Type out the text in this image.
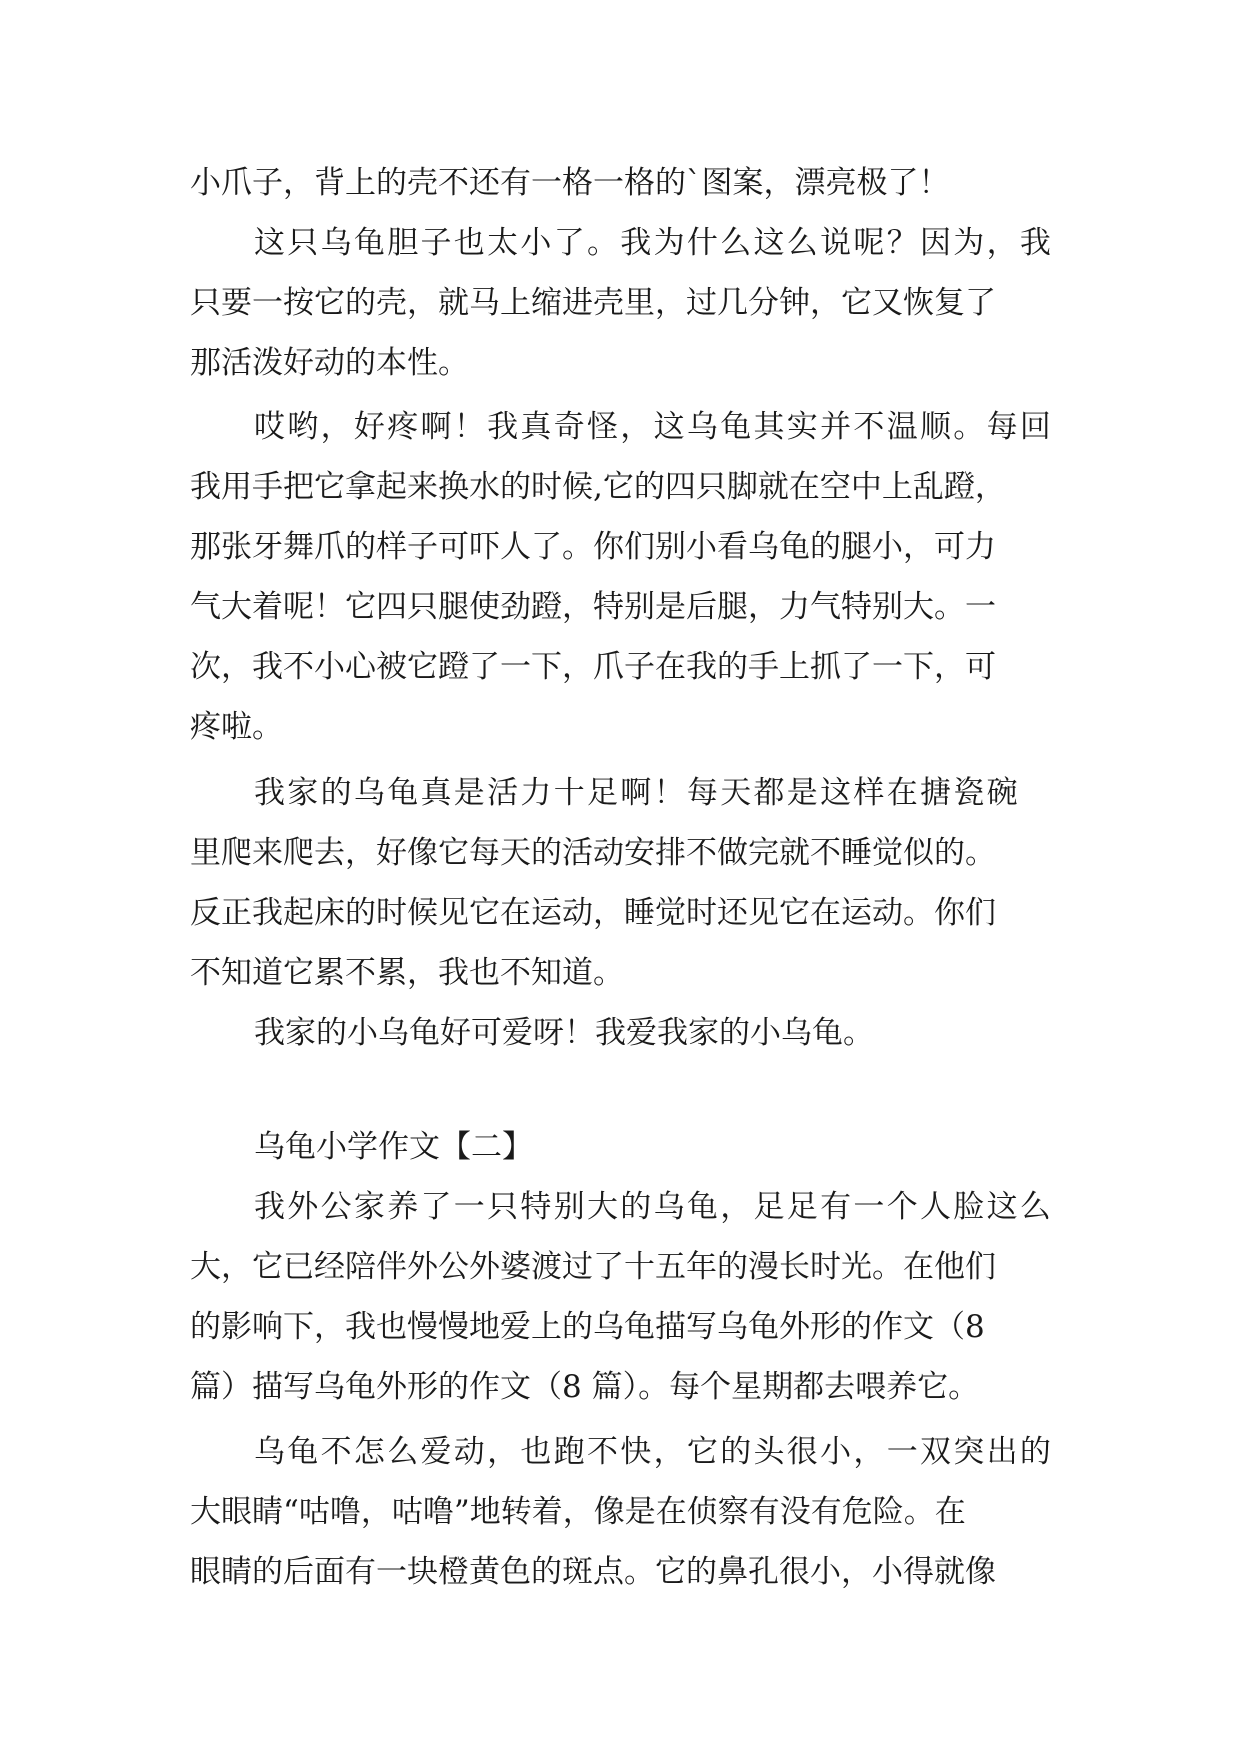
小爪子，背上的壳不还有一格一格的`图案，漂亮极了！

这只乌龟胆子也太小了。我为什么这么说呢？因为，我

只要一按它的壳，就马上缩进壳里，过几分钟，它又恢复了

那活泼好动的本性。

哎哟，好疼啊！我真奇怪，这乌龟其实并不温顺。每回

我用手把它拿起来换水的时候,它的四只脚就在空中上乱蹬，

那张牙舞爪的样子可吓人了。你们别小看乌龟的腿小，可力

气大着呢！它四只腿使劲蹬，特别是后腿，力气特别大。一

次，我不小心被它蹬了一下，爪子在我的手上抓了一下，可

疼啦。

我家的乌龟真是活力十足啊！每天都是这样在搪瓷碗

里爬来爬去，好像它每天的活动安排不做完就不睡觉似的。

反正我起床的时候见它在运动，睡觉时还见它在运动。你们

不知道它累不累，我也不知道。

我家的小乌龟好可爱呀！我爱我家的小乌龟。

乌龟小学作文【二】

我外公家养了一只特别大的乌龟，足足有一个人脸这么

大，它已经陪伴外公外婆渡过了十五年的漫长时光。在他们

的影响下，我也慢慢地爱上的乌龟描写乌龟外形的作文（8

篇）描写乌龟外形的作文（8 篇）。每个星期都去喂养它。

乌龟不怎么爱动，也跑不快，它的头很小，一双突出的

大眼睛“咕噜，咕噜”地转着，像是在侦察有没有危险。在

眼睛的后面有一块橙黄色的斑点。它的鼻孔很小，小得就像
